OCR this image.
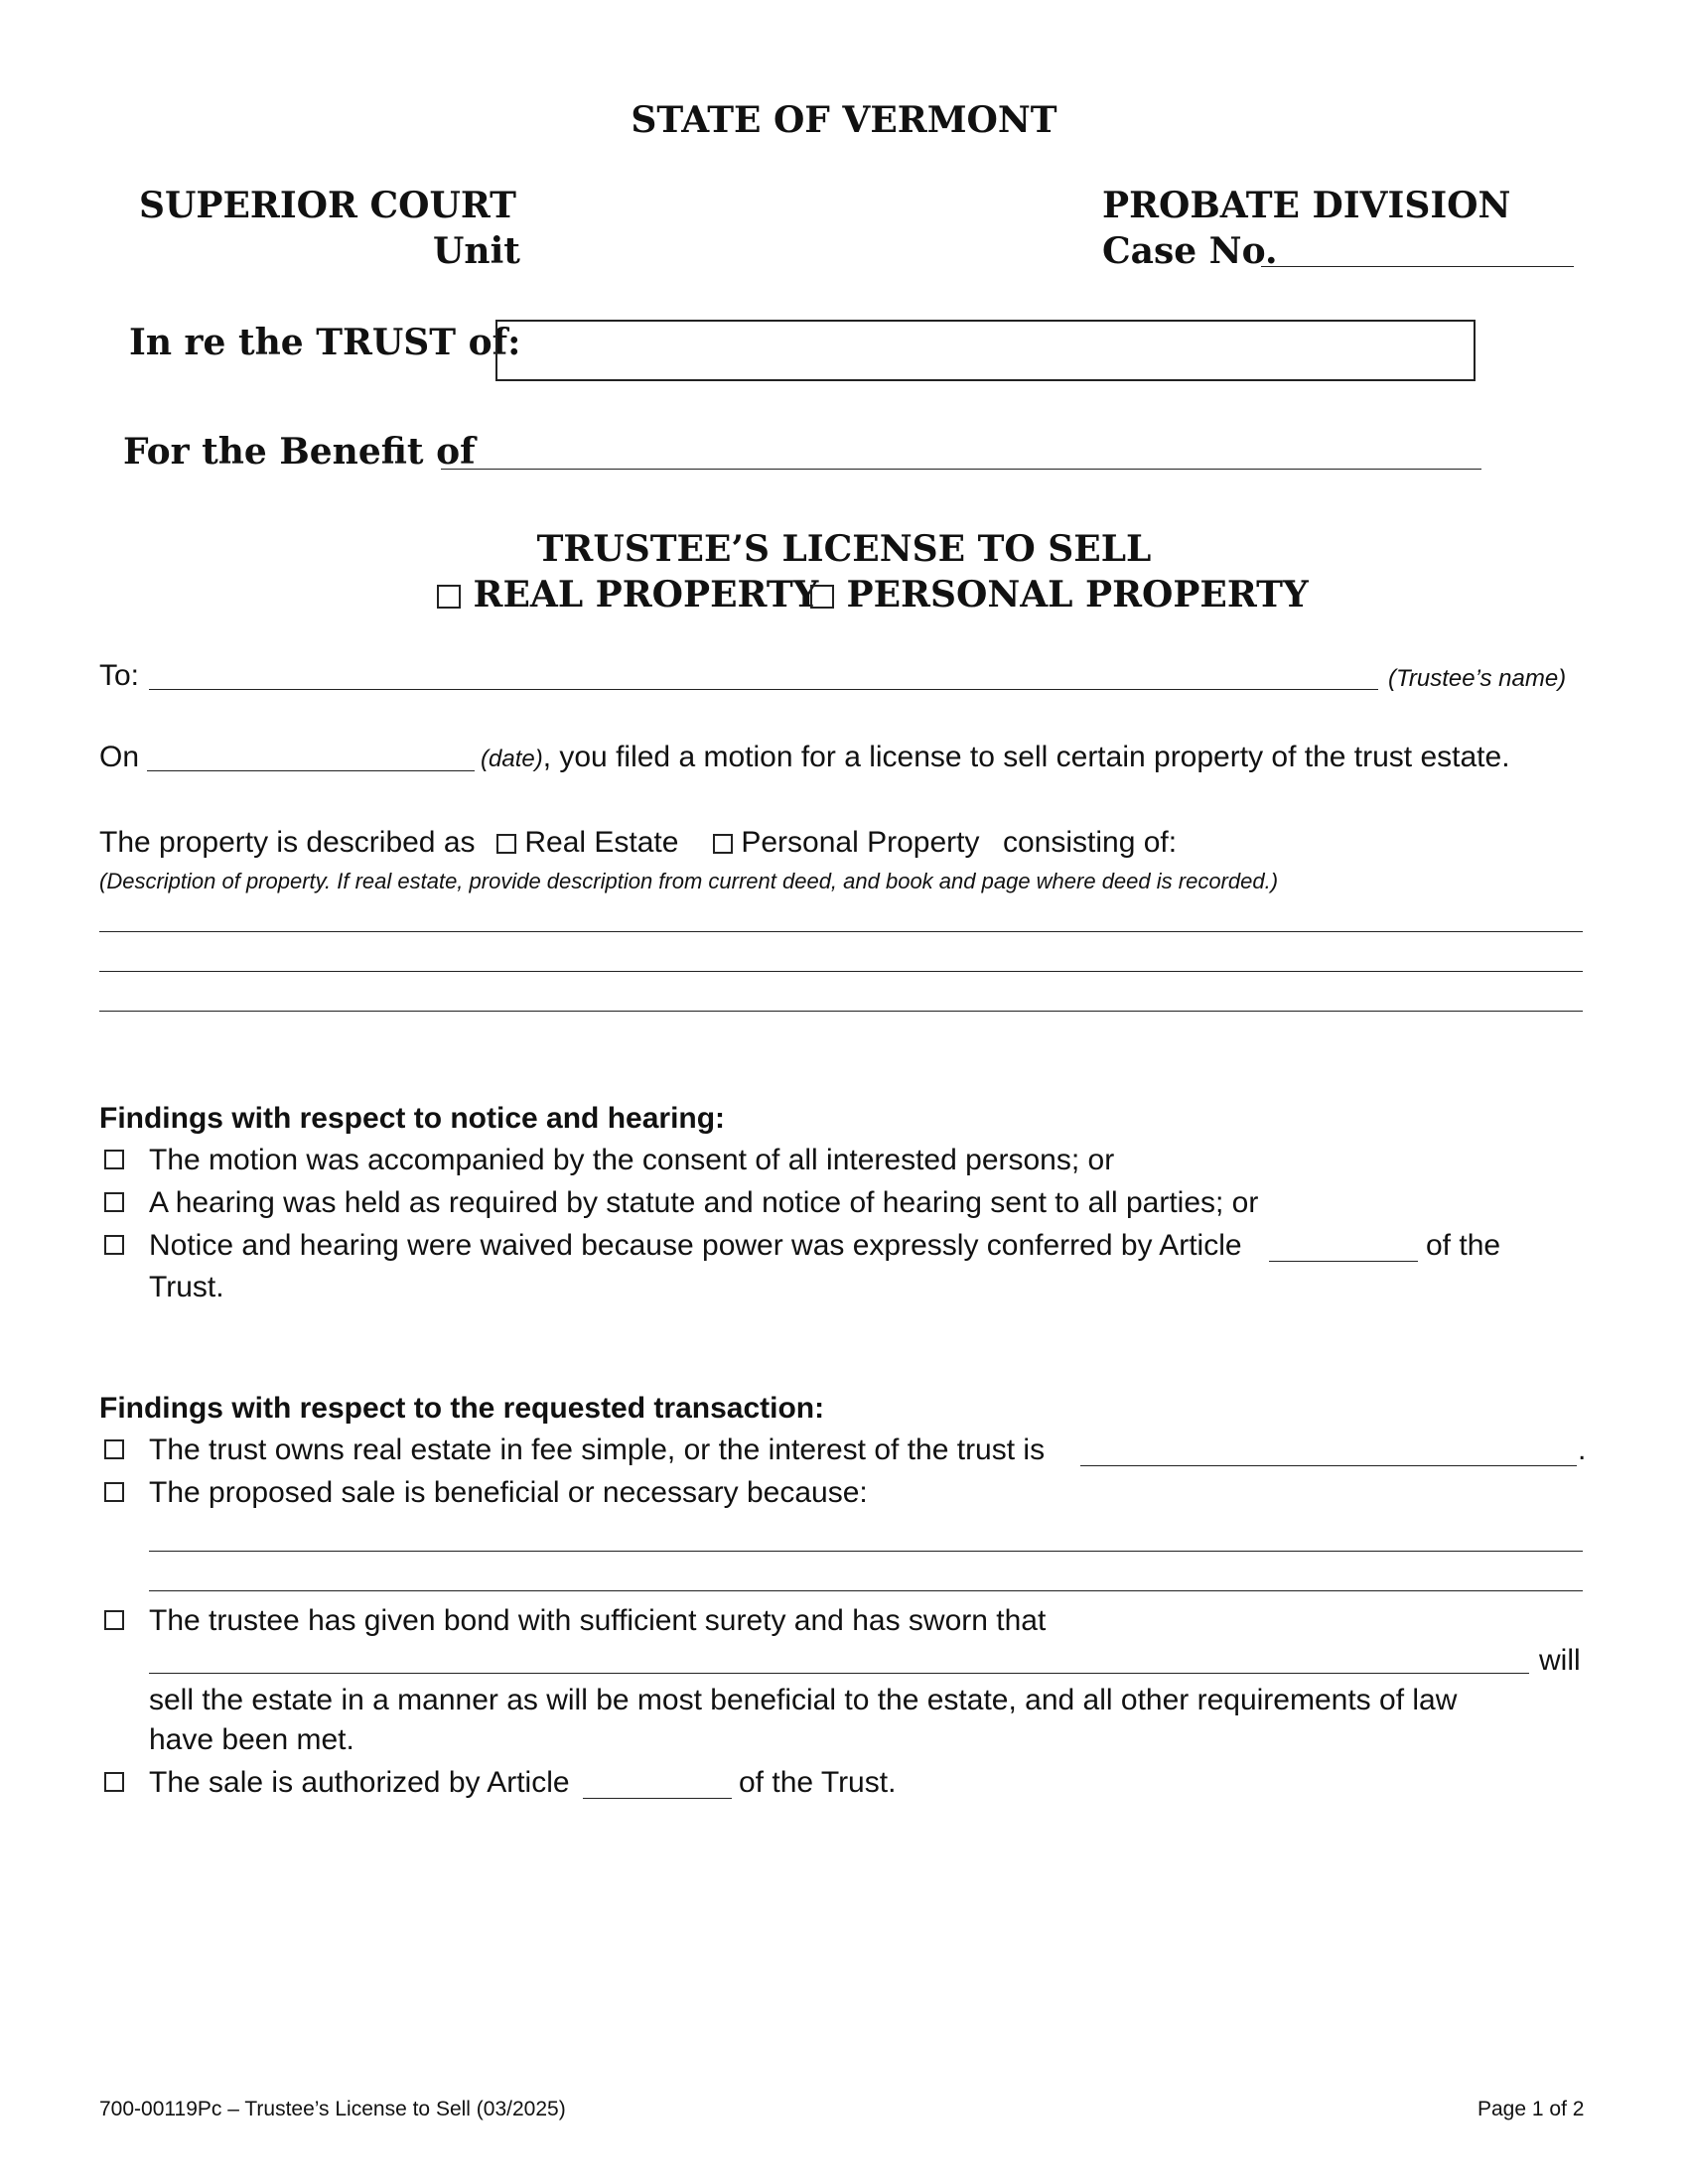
STATE OF VERMONT
SUPERIOR COURT
Unit
PROBATE DIVISION
Case No.
In re the TRUST of:
For the Benefit of
TRUSTEE’S LICENSE TO SELL
REAL PROPERTY PERSONAL PROPERTY
To:	(Trustee’s name)
On	(date), you filed a motion for a license to sell certain property of the trust estate.
The property is described as	Real Estate	Personal Property consisting of:
(Description of property. If real estate, provide description from current deed, and book and page where deed is recorded.)
Findings with respect to notice and hearing:
The motion was accompanied by the consent of all interested persons; or
A hearing was held as required by statute and notice of hearing sent to all parties; or
Notice and hearing were waived because power was expressly conferred by Article	of the
Trust.
Findings with respect to the requested transaction:
The trust owns real estate in fee simple, or the interest of the trust is	.
The proposed sale is beneficial or necessary because:
The trustee has given bond with sufficient surety and has sworn that
will
sell the estate in a manner as will be most beneficial to the estate, and all other requirements of law
have been met.
The sale is authorized by Article	of the Trust.
700-00119Pc – Trustee’s License to Sell (03/2025)	Page 1 of 2
